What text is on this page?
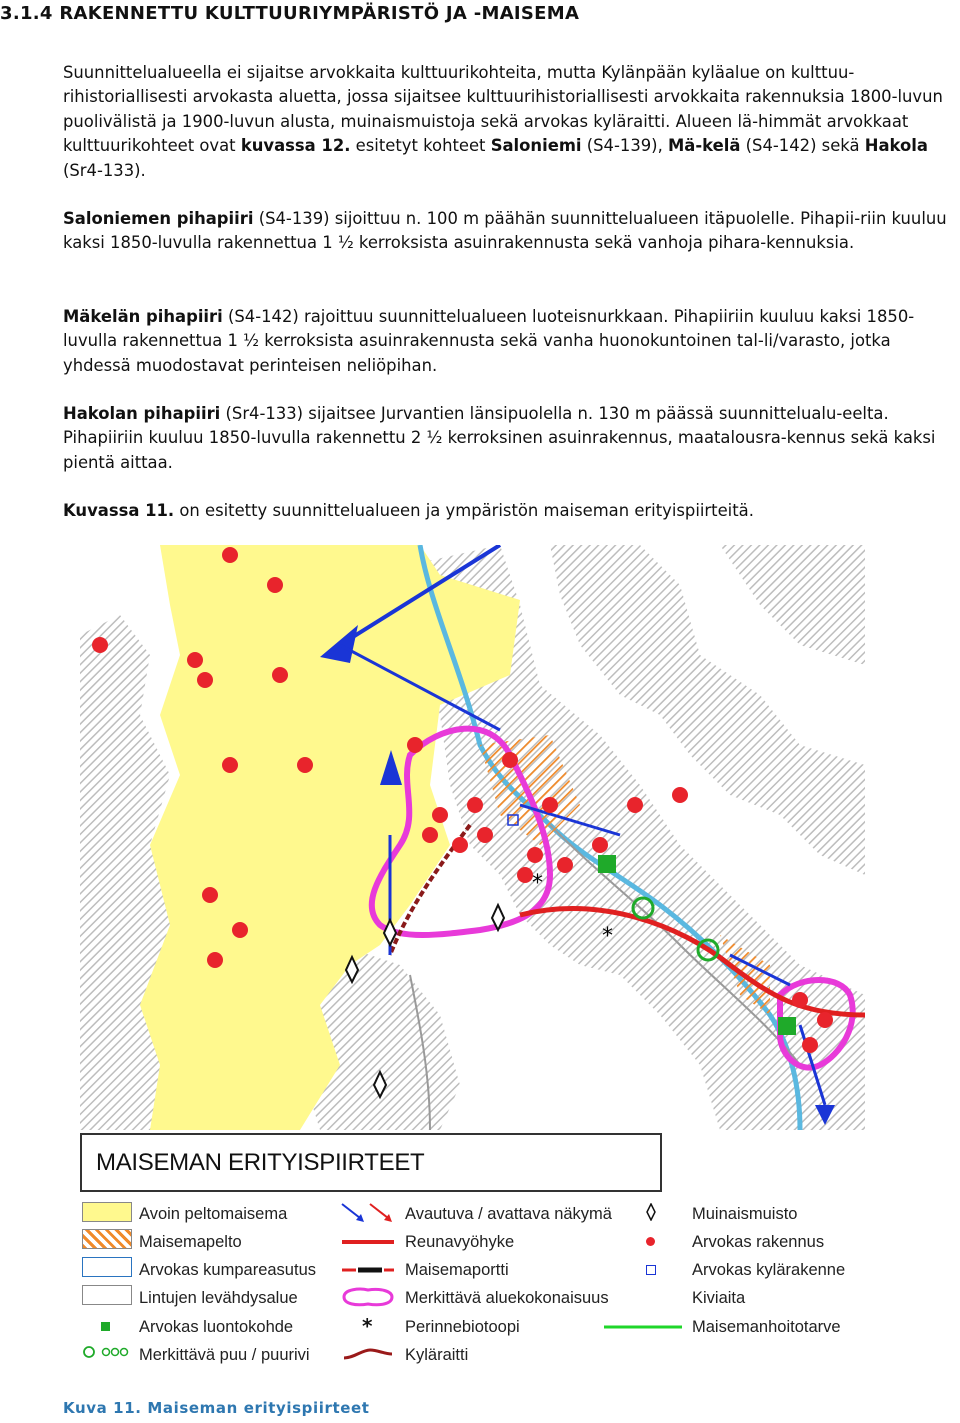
3.1.4 RAKENNETTU KULTTUURIYMPÄRISTÖ JA -MAISEMA

Suunnittelualueella ei sijaitse arvokkaita kulttuurikohteita, mutta Kylänpään kyläalue on kulttuu-rihistoriallisesti arvokasta aluetta, jossa sijaitsee kulttuurihistoriallisesti arvokkaita rakennuksia 1800-luvun puolivälistä ja 1900-luvun alusta, muinaismuistoja sekä arvokas kyläraitti. Alueen lä-himmät arvokkaat kulttuurikohteet ovat kuvassa 12. esitetyt kohteet Saloniemi (S4-139), Mä-kelä (S4-142) sekä Hakola (Sr4-133).

Saloniemen pihapiiri (S4-139) sijoittuu n. 100 m päähän suunnittelualueen itäpuolelle. Pihapii-riin kuuluu kaksi 1850-luvulla rakennettua 1 ½ kerroksista asuinrakennusta sekä vanhoja pihara-kennuksia.

Mäkelän pihapiiri (S4-142) rajoittuu suunnittelualueen luoteisnurkkaan. Pihapiiriin kuuluu kaksi 1850-luvulla rakennettua 1 ½ kerroksista asuinrakennusta sekä vanha huonokuntoinen tal-li/varasto, jotka yhdessä muodostavat perinteisen neliöpihan.

Hakolan pihapiiri (Sr4-133) sijaitsee Jurvantien länsipuolella n. 130 m päässä suunnittelualu-eelta. Pihapiiriin kuuluu 1850-luvulla rakennettu 2 ½ kerroksinen asuinrakennus, maatalousra-kennus sekä kaksi pientä aittaa.

Kuvassa 11. on esitetty suunnittelualueen ja ympäristön maiseman erityispiirteitä.

*
*
MAISEMAN ERITYISPIIRTEET
Avoin peltomaisema
Maisemapelto
Arvokas kumpareasutus
Lintujen levähdysalue
Arvokas luontokohde
Merkittävä puu / puurivi
*
Avautuva / avattava näkymä
Reunavyöhyke
Maisemaportti
Merkittävä aluekokonaisuus
Perinnebiotoopi
Kyläraitti
Muinaismuisto
Arvokas rakennus
Arvokas kylärakenne
Kiviaita
Maisemanhoitotarve

Kuva 11. Maiseman erityispiirteet
